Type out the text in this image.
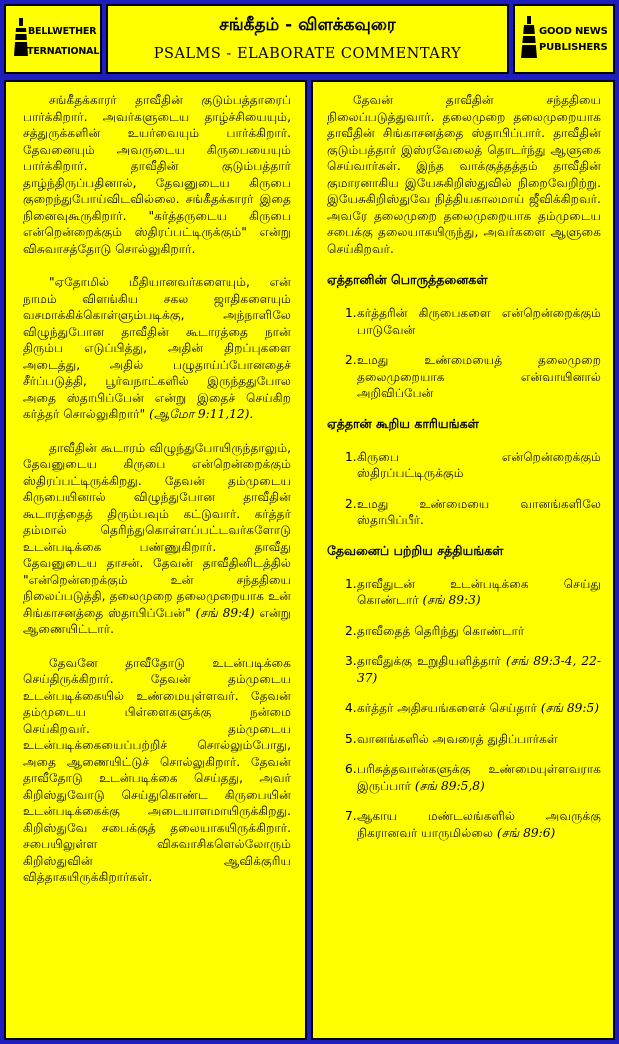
BELLWETHER
INTERNATIONAL
சங்கீதம் - விளக்கவுரை
PSALMS - ELABORATE COMMENTARY
GOOD NEWS
PUBLISHERS

சங்கீதக்காரர் தாவீதின் குடும்பத்தாரைப் பார்க்கிறார். அவர்களுடைய தாழ்ச்சியையும், சத்துருக்களின் உயர்வையும் பார்க்கிறார். தேவனையும் அவருடைய கிருபையையும் பார்க்கிறார். தாவீதின் குடும்பத்தார் தாழ்ந்திருப்பதினால், தேவனுடைய கிருபை குறைந்துபோய்விடவில்லை. சங்கீதக்காரர் இதை நினைவுகூருகிறார். "கர்த்தருடைய கிருபை என்றென்றைக்கும் ஸ்திரப்பட்டிருக்கும்" என்று விசுவாசத்தோடு சொல்லுகிறார்.

"ஏதோமில் மீதியானவர்களையும், என் நாமம் விளங்கிய சகல ஜாதிகளையும் வசமாக்கிக்கொள்ளும்படிக்கு, அந்நாளிலே விழுந்துபோன தாவீதின் கூடாரத்தை நான் திரும்ப எடுப்பித்து, அதின் திறப்புகளை அடைத்து, அதில் பழுதாய்ப்போனதைச் சீர்ப்படுத்தி, பூர்வநாட்களில் இருந்ததுபோல அதை ஸ்தாபிப்பேன் என்று இதைச் செய்கிற கர்த்தர் சொல்லுகிறார்" (ஆமோ 9:11,12).

தாவீதின் கூடாரம் விழுந்துபோயிருந்தாலும், தேவனுடைய கிருபை என்றென்றைக்கும் ஸ்திரப்பட்டிருக்கிறது. தேவன் தம்முடைய கிருபையினால் விழுந்துபோன தாவீதின் கூடாரத்தைத் திரும்பவும் கட்டுவார். கர்த்தர் தம்மால் தெரிந்துகொள்ளப்பட்டவர்களோடு உடன்படிக்கை பண்ணுகிறார். தாவீது தேவனுடைய தாசன். தேவன் தாவீதினிடத்தில் "என்றென்றைக்கும் உன் சந்ததியை நிலைப்படுத்தி, தலைமுறை தலைமுறையாக உன் சிங்காசனத்தை ஸ்தாபிப்பேன்" (சங் 89:4) என்று ஆணையிட்டார்.

தேவனே தாவீதோடு உடன்படிக்கை செய்திருக்கிறார். தேவன் தம்முடைய உடன்படிக்கையில் உண்மையுள்ளவர். தேவன் தம்முடைய பிள்ளைகளுக்கு நன்மை செய்கிறவர். தம்முடைய உடன்படிக்கையைப்பற்றிச் சொல்லும்போது, அதை ஆணையிட்டுச் சொல்லுகிறார். தேவன் தாவீதோடு உடன்படிக்கை செய்தது, அவர் கிறிஸ்துவோடு செய்துகொண்ட கிருபையின் உடன்படிக்கைக்கு அடையாளமாயிருக்கிறது. கிறிஸ்துவே சபைக்குத் தலையாகயிருக்கிறார். சபையிலுள்ள விசுவாசிகளெல்லோரும் கிறிஸ்துவின் ஆவிக்குரிய வித்தாகயிருக்கிறார்கள்.

தேவன் தாவீதின் சந்ததியை நிலைப்படுத்துவார். தலைமுறை தலைமுறையாக தாவீதின் சிங்காசனத்தை ஸ்தாபிப்பார். தாவீதின் குடும்பத்தார் இஸ்ரவேலைத் தொடர்ந்து ஆளுகை செய்வார்கள். இந்த வாக்குத்தத்தம் தாவீதின் குமாரனாகிய இயேசுகிறிஸ்துவில் நிறைவேறிற்று. இயேசுகிறிஸ்துவே நித்தியகாலமாய் ஜீவிக்கிறவர். அவரே தலைமுறை தலைமுறையாக தம்முடைய சபைக்கு தலையாகயிருந்து, அவர்களை ஆளுகை செய்கிறவர்.

ஏத்தானின் பொருத்தனைகள்
1. கர்த்தரின் கிருபைகளை என்றென்றைக்கும் பாடுவேன்
2. உமது உண்மையைத் தலைமுறை தலைமுறையாக என்வாயினால் அறிவிப்பேன்
ஏத்தான் கூறிய காரியங்கள்
1. கிருபை என்றென்றைக்கும் ஸ்திரப்பட்டிருக்கும்
2. உமது உண்மையை வானங்களிலே ஸ்தாபிப்பீர்.
தேவனைப் பற்றிய சத்தியங்கள்
1. தாவீதுடன் உடன்படிக்கை செய்து கொண்டார் (சங் 89:3)
2. தாவீதைத் தெரிந்து கொண்டார்
3. தாவீதுக்கு உறுதியளித்தார் (சங் 89:3-4, 22-37)
4. கர்த்தர் அதிசயங்களைச் செய்தார் (சங் 89:5)
5. வானங்களில் அவரைத் துதிப்பார்கள்
6. பரிசுத்தவான்களுக்கு உண்மையுள்ளவராக இருப்பார் (சங் 89:5,8)
7. ஆகாய மண்டலங்களில் அவருக்கு நிகரானவர் யாருமில்லை (சங் 89:6)
